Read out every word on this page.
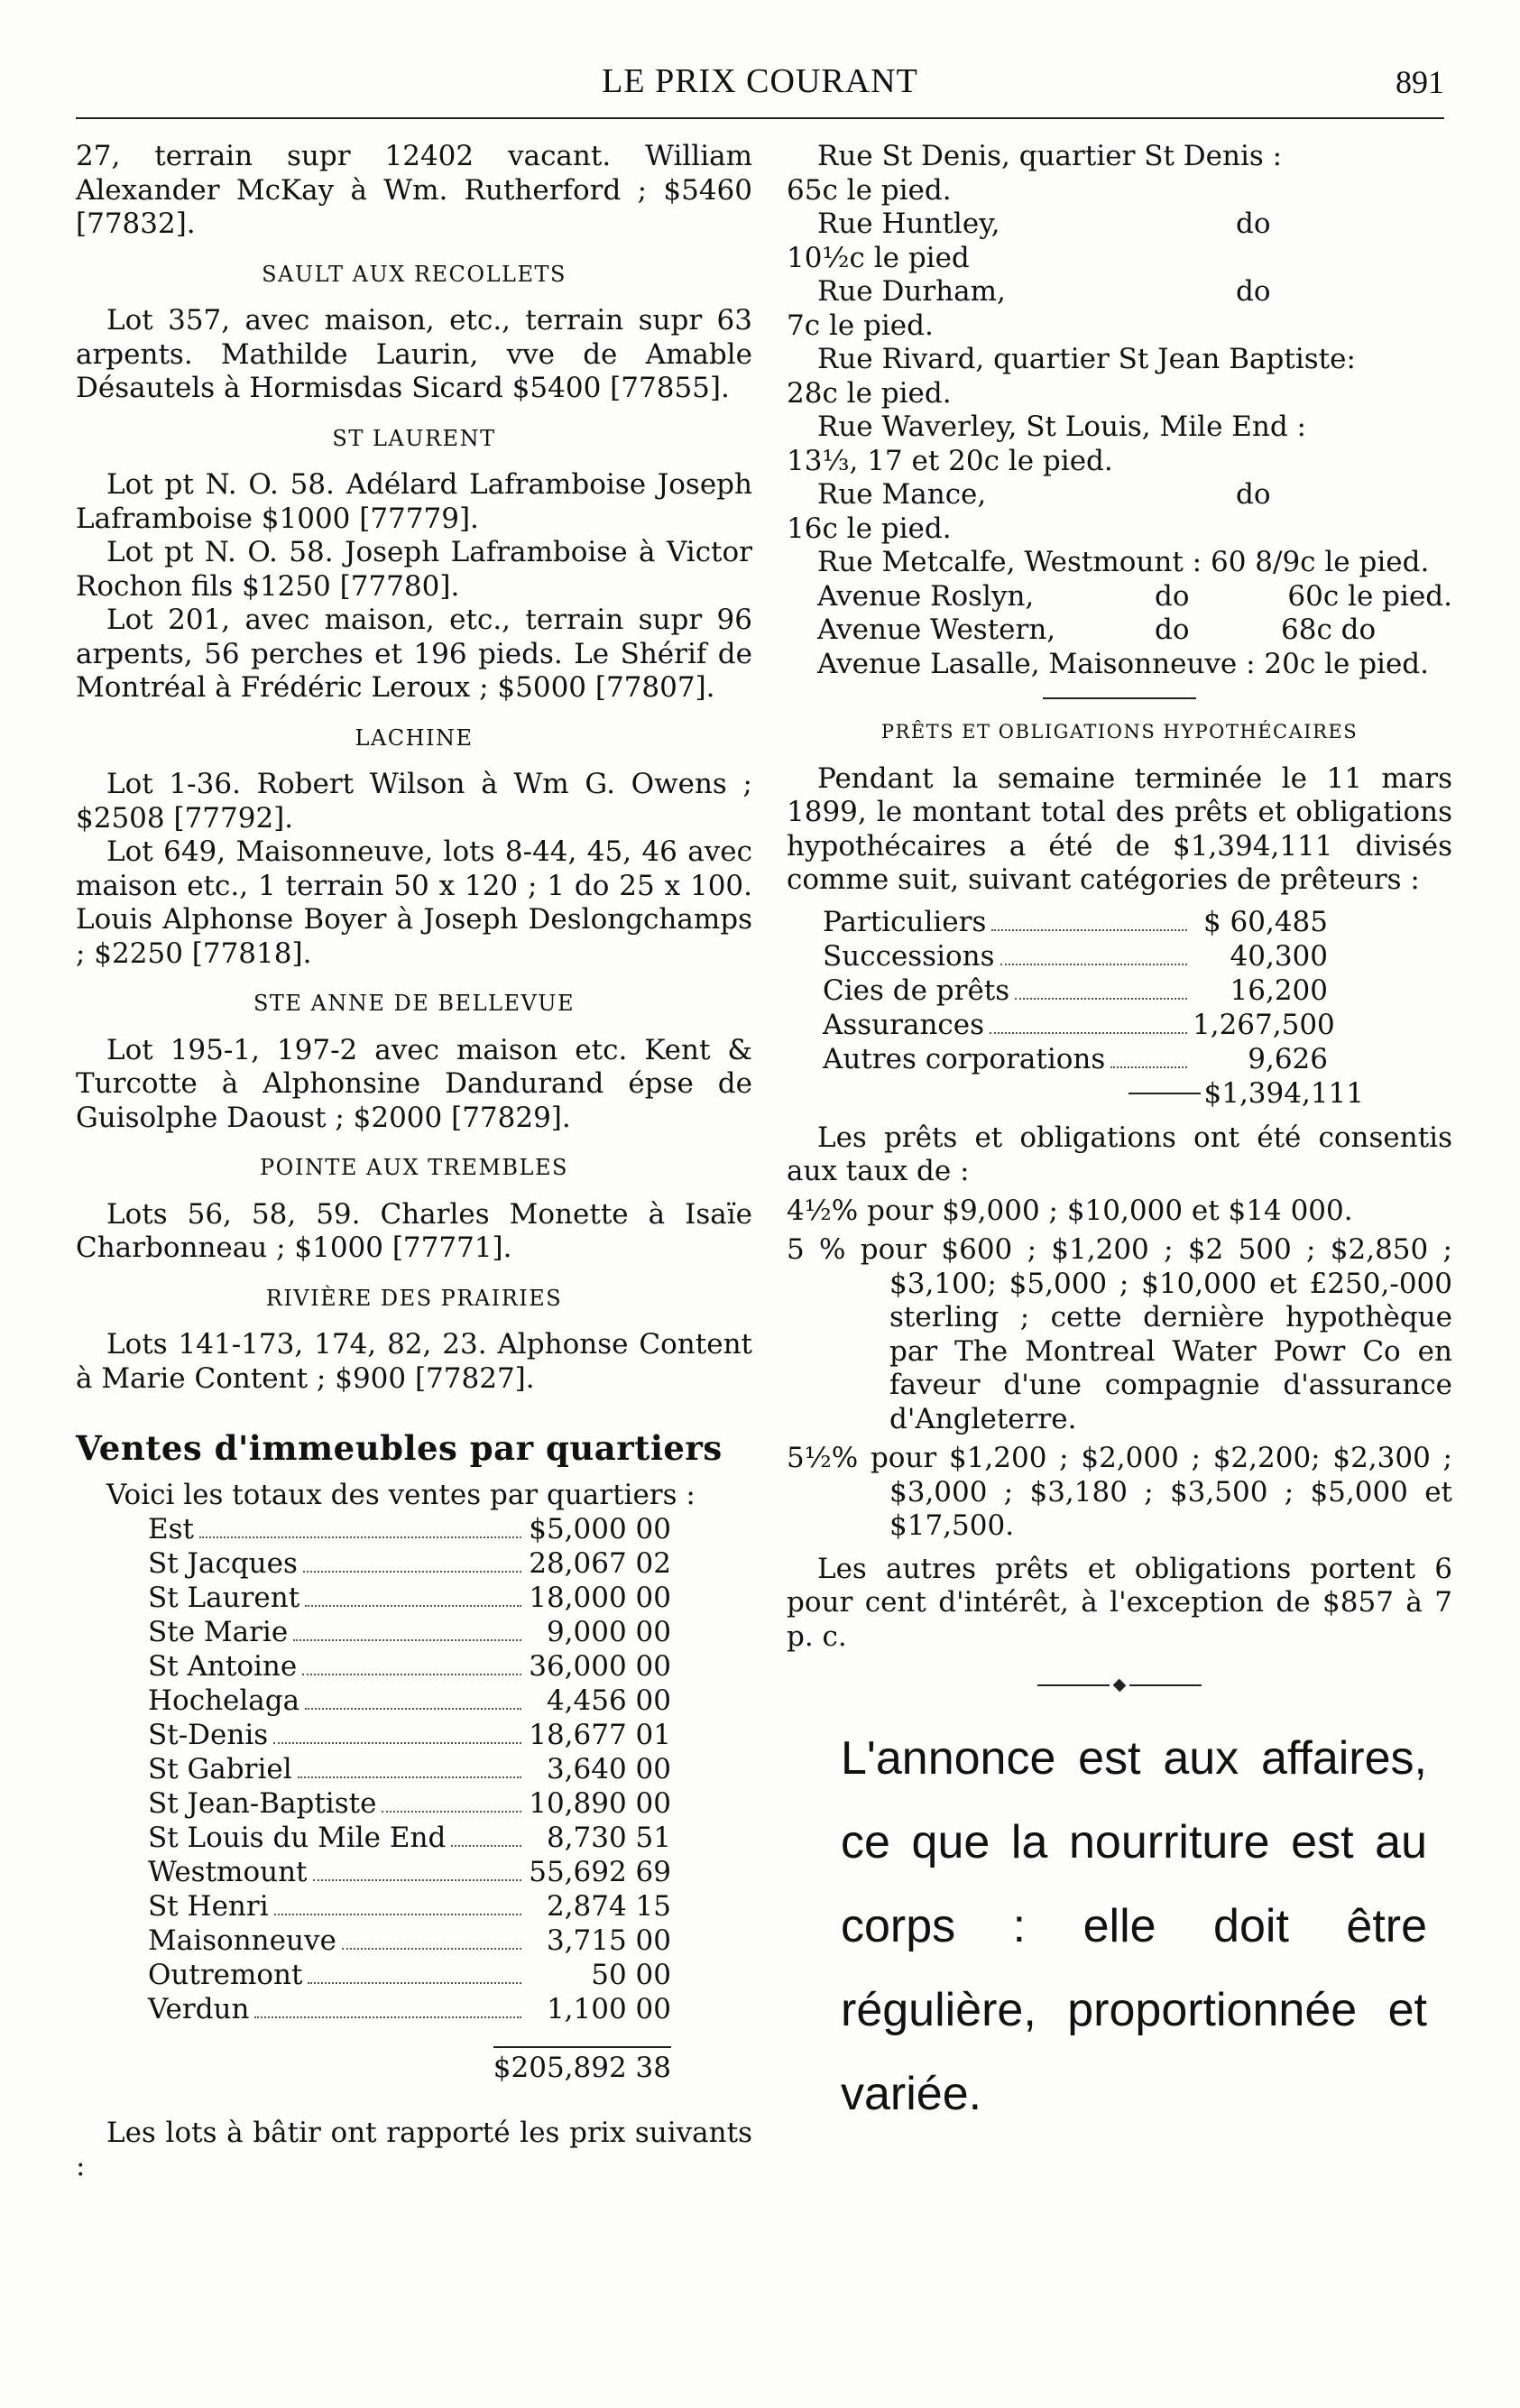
LE PRIX COURANT	891

27, terrain supr 12402 vacant. William Alexander McKay à Wm. Rutherford ; $5460 [77832].

SAULT AUX RECOLLETS

Lot 357, avec maison, etc., terrain supr 63 arpents. Mathilde Laurin, vve de Amable Désautels à Hormisdas Sicard $5400 [77855].

ST LAURENT

Lot pt N. O. 58. Adélard Laframboise Joseph Laframboise $1000 [77779].

Lot pt N. O. 58. Joseph Laframboise à Victor Rochon fils $1250 [77780].

Lot 201, avec maison, etc., terrain supr 96 arpents, 56 perches et 196 pieds. Le Shérif de Montréal à Frédéric Leroux ; $5000 [77807].

LACHINE

Lot 1-36. Robert Wilson à Wm G. Owens ; $2508 [77792].

Lot 649, Maisonneuve, lots 8-44, 45, 46 avec maison etc., 1 terrain 50 x 120 ; 1 do 25 x 100. Louis Alphonse Boyer à Joseph Deslongchamps ; $2250 [77818].

STE ANNE DE BELLEVUE

Lot 195-1, 197-2 avec maison etc. Kent & Turcotte à Alphonsine Dandurand épse de Guisolphe Daoust ; $2000 [77829].

POINTE AUX TREMBLES

Lots 56, 58, 59. Charles Monette à Isaïe Charbonneau ; $1000 [77771].

RIVIÈRE DES PRAIRIES

Lots 141-173, 174, 82, 23. Alphonse Content à Marie Content ; $900 [77827].

Ventes d'immeubles par quartiers

Voici les totaux des ventes par quartiers :

Est	$5,000 00
St Jacques	28,067 02
St Laurent	18,000 00
Ste Marie	9,000 00
St Antoine	36,000 00
Hochelaga	4,456 00
St-Denis	18,677 01
St Gabriel	3,640 00
St Jean-Baptiste	10,890 00
St Louis du Mile End	8,730 51
Westmount	55,692 69
St Henri	2,874 15
Maisonneuve	3,715 00
Outremont	50 00
Verdun	1,100 00
$205,892 38

Les lots à bâtir ont rapporté les prix suivants :

Rue St Denis, quartier St Denis :

65c le pied.

Rue Huntley,	do

10½c le pied

Rue Durham,	do

7c le pied.

Rue Rivard, quartier St Jean Baptiste:

28c le pied.

Rue Waverley, St Louis, Mile End :

13⅓, 17 et 20c le pied.

Rue Mance,	do

16c le pied.

Rue Metcalfe, Westmount : 60 8/9c le pied.

Avenue Roslyn,	do	60c le pied.
Avenue Western,	do	68c do

Avenue Lasalle, Maisonneuve : 20c le pied.

PRÊTS ET OBLIGATIONS HYPOTHÉCAIRES

Pendant la semaine terminée le 11 mars 1899, le montant total des prêts et obligations hypothécaires a été de $1,394,111 divisés comme suit, suivant catégories de prêteurs :

Particuliers	$ 60,485
Successions	40,300
Cies de prêts	16,200
Assurances	1,267,500
Autres corporations	9,626
$1,394,111

Les prêts et obligations ont été consentis aux taux de :

4½% pour $9,000 ; $10,000 et $14 000.

5 % pour $600 ; $1,200 ; $2 500 ; $2,850 ; $3,100; $5,000 ; $10,000 et £250,-000 sterling ; cette dernière hypothèque par The Montreal Water Powr Co en faveur d'une compagnie d'assurance d'Angleterre.

5½% pour $1,200 ; $2,000 ; $2,200; $2,300 ; $3,000 ; $3,180 ; $3,500 ; $5,000 et $17,500.

Les autres prêts et obligations portent 6 pour cent d'intérêt, à l'exception de $857 à 7 p. c.

L'annonce est aux affaires, ce que la nourriture est au corps : elle doit être régulière, proportionnée et variée.
